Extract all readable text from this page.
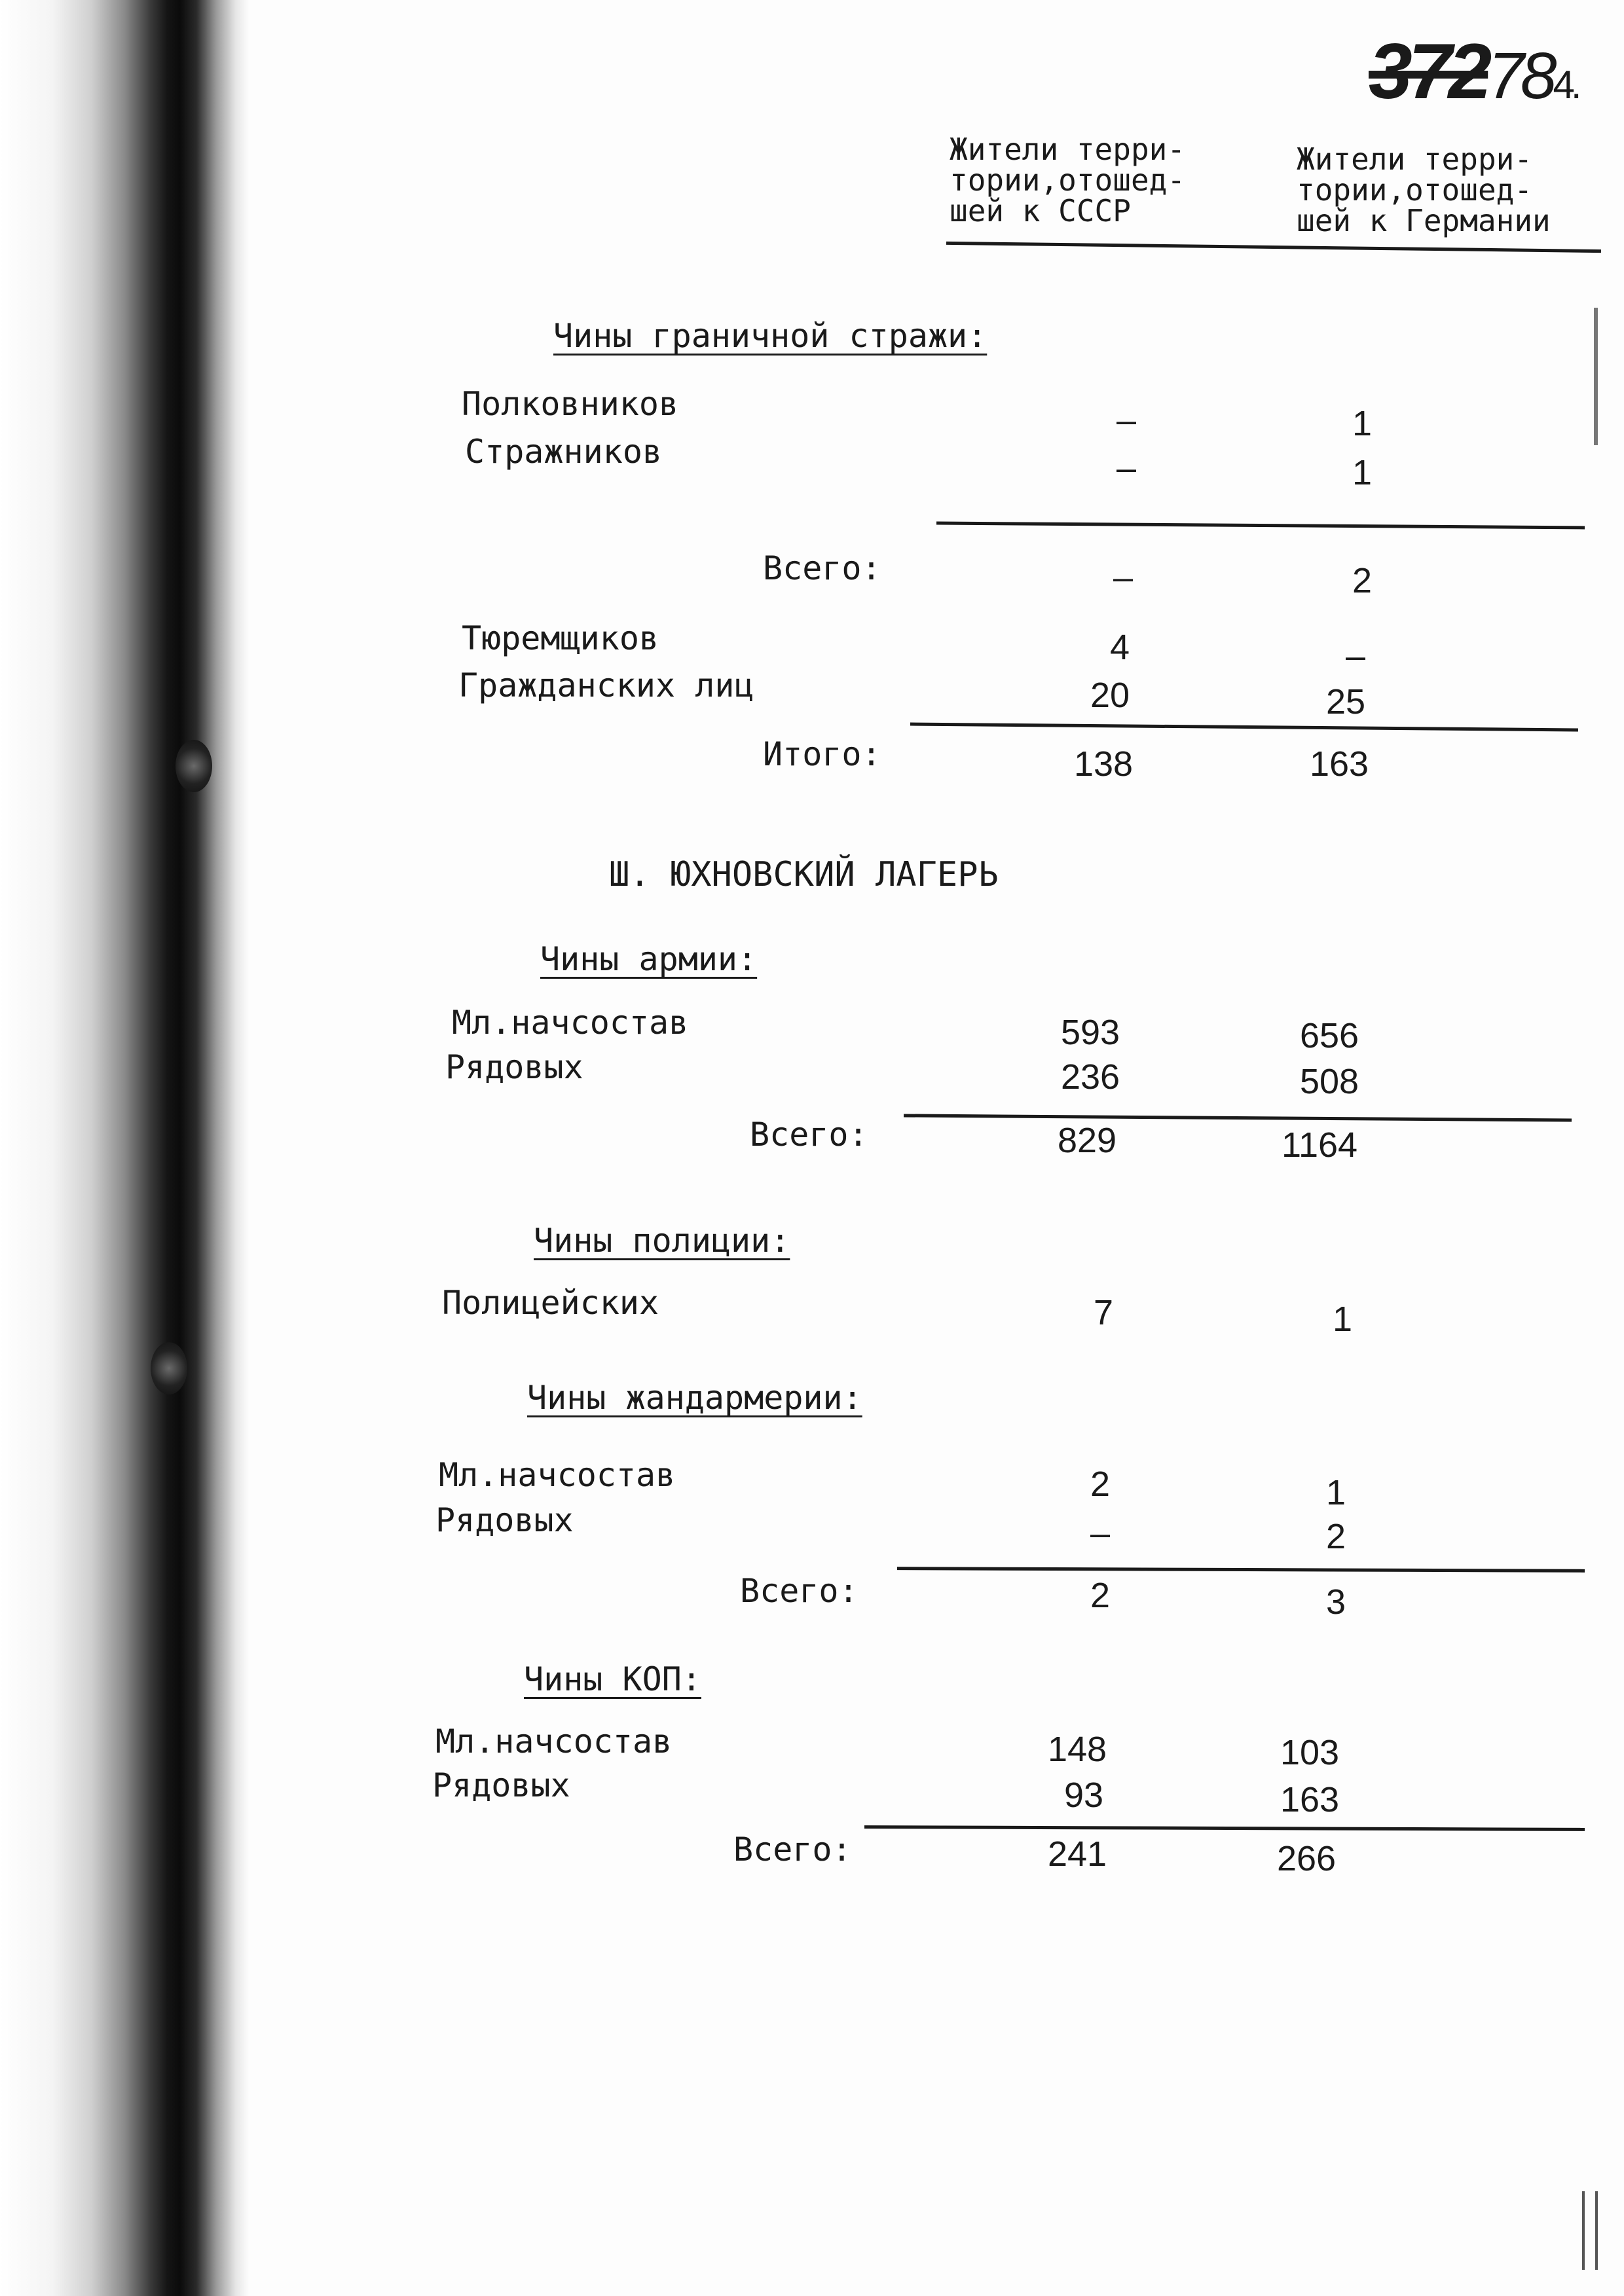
372784.
Жители терри-
тории,отошед-
шей к СССР
Жители терри-
тории,отошед-
шей к Германии
Чины граничной стражи:
Полковников	–	1
Стражников	–	1
Всего:	–	2
Тюремщиков	4	–
Гражданских лиц	20	25
Итого:	138	163
Ш. ЮХНОВСКИЙ ЛАГЕРЬ
Чины армии:
Мл.начсостав	593	656
Рядовых	236	508
Всего:	829	1164
Чины полиции:
Полицейских	7	1
Чины жандармерии:
Мл.начсостав	2	1
Рядовых	–	2
Всего:	2	3
Чины КОП:
Мл.начсостав	148	103
Рядовых	93	163
Всего:	241	266
